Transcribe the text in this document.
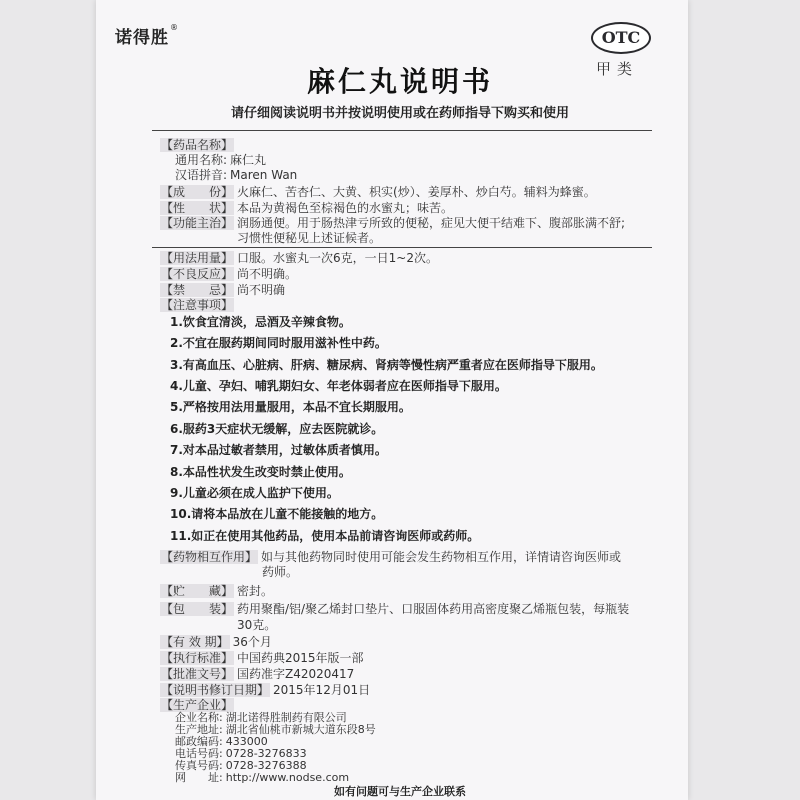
诺得胜®
OTC
甲类
麻仁丸说明书
请仔细阅读说明书并按说明使用或在药师指导下购买和使用
【药品名称】
通用名称: 麻仁丸
汉语拼音: Maren Wan
【成　　份】 火麻仁、苦杏仁、大黄、枳实(炒）、姜厚朴、炒白芍。辅料为蜂蜜。
【性　　状】 本品为黄褐色至棕褐色的水蜜丸；味苦。
【功能主治】 润肠通便。用于肠热津亏所致的便秘，症见大便干结难下、腹部胀满不舒;
习惯性便秘见上述证候者。
【用法用量】 口服。水蜜丸一次6克，一日1~2次。
【不良反应】 尚不明确。
【禁　　忌】 尚不明确
【注意事项】
1.饮食宜清淡，忌酒及辛辣食物。
2.不宜在服药期间同时服用滋补性中药。
3.有高血压、心脏病、肝病、糖尿病、肾病等慢性病严重者应在医师指导下服用。
4.儿童、孕妇、哺乳期妇女、年老体弱者应在医师指导下服用。
5.严格按用法用量服用，本品不宜长期服用。
6.服药3天症状无缓解，应去医院就诊。
7.对本品过敏者禁用，过敏体质者慎用。
8.本品性状发生改变时禁止使用。
9.儿童必须在成人监护下使用。
10.请将本品放在儿童不能接触的地方。
11.如正在使用其他药品，使用本品前请咨询医师或药师。
【药物相互作用】 如与其他药物同时使用可能会发生药物相互作用，详情请咨询医师或
药师。
【贮　　藏】 密封。
【包　　装】 药用聚酯/铝/聚乙烯封口垫片、口服固体药用高密度聚乙烯瓶包装，每瓶装
30克。
【有 效 期】 36个月
【执行标准】 中国药典2015年版一部
【批准文号】 国药准字Z42020417
【说明书修订日期】 2015年12月01日
【生产企业】
企业名称: 湖北诺得胜制药有限公司
生产地址: 湖北省仙桃市新城大道东段8号
邮政编码: 433000
电话号码: 0728-3276833
传真号码: 0728-3276388
网　　址: http://www.nodse.com
如有问题可与生产企业联系
